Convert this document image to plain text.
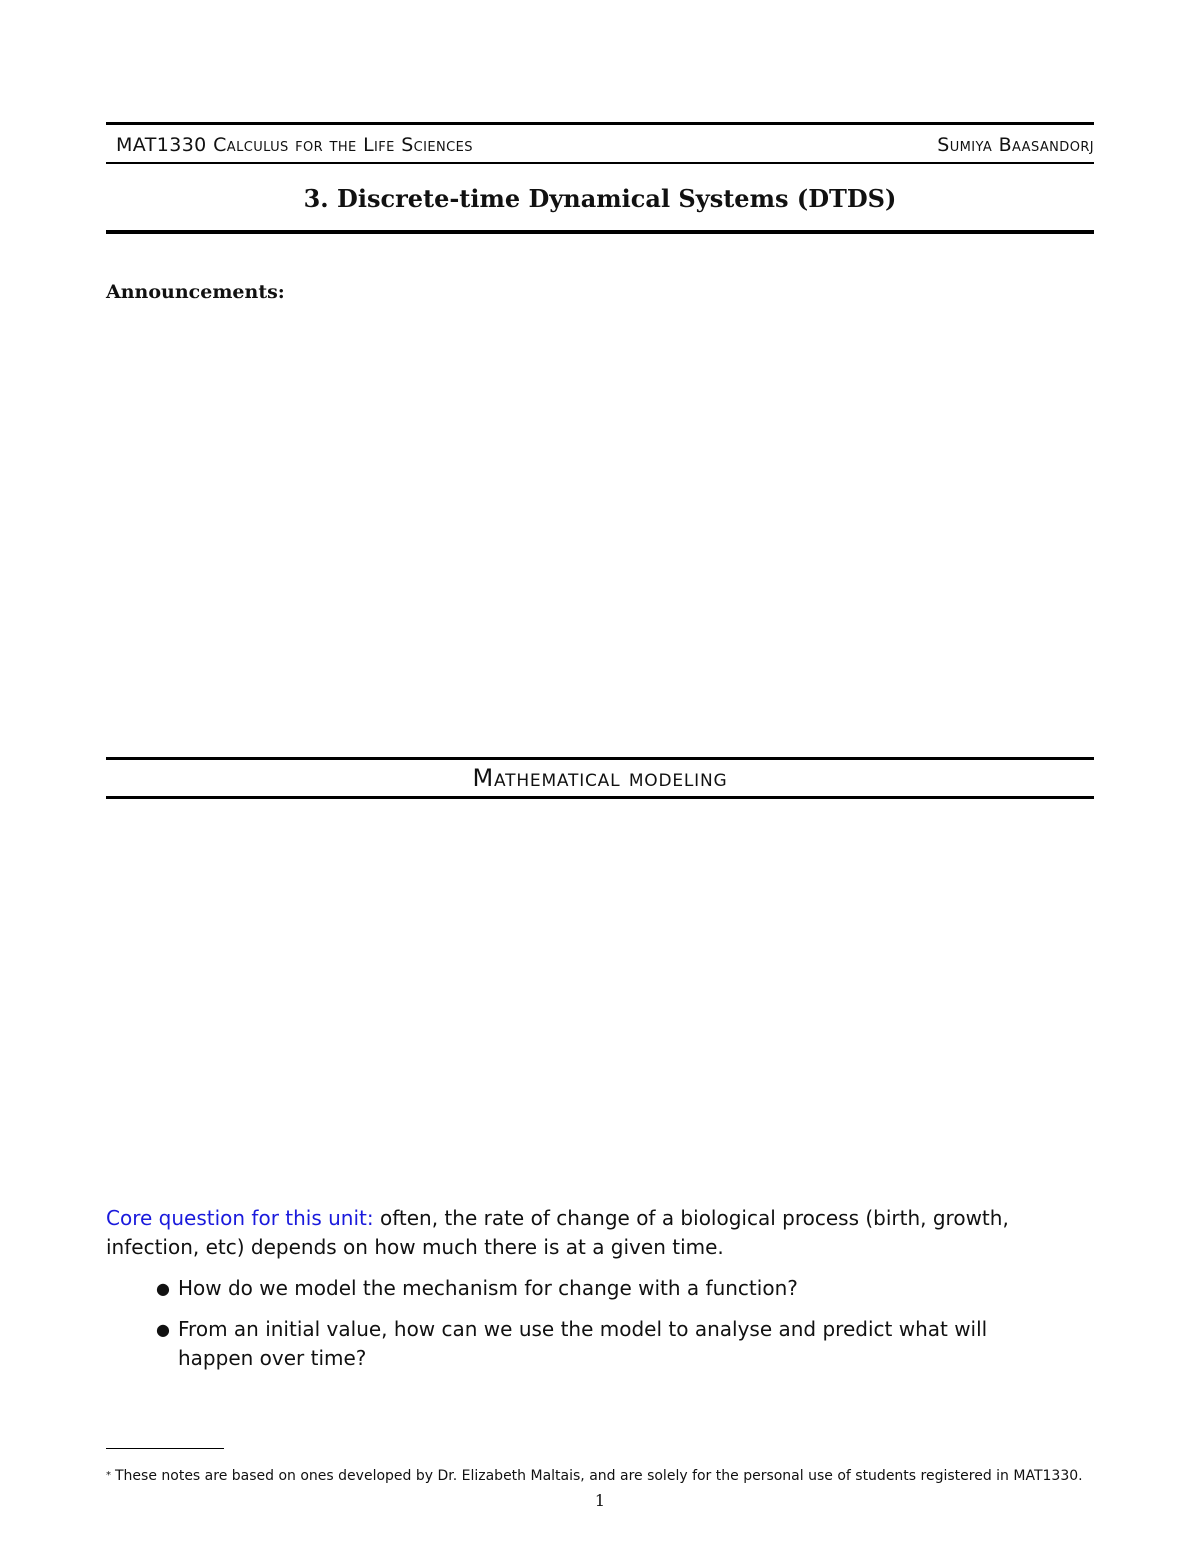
MAT1330 Calculus for the Life Sciences	Sumiya Baasandorj
3. Discrete-time Dynamical Systems (DTDS)
Announcements:
Mathematical modeling
Core question for this unit: often, the rate of change of a biological process (birth, growth, infection, etc) depends on how much there is at a given time.
● How do we model the mechanism for change with a function?
● From an initial value, how can we use the model to analyse and predict what will happen over time?
* These notes are based on ones developed by Dr. Elizabeth Maltais, and are solely for the personal use of students registered in MAT1330.
1
